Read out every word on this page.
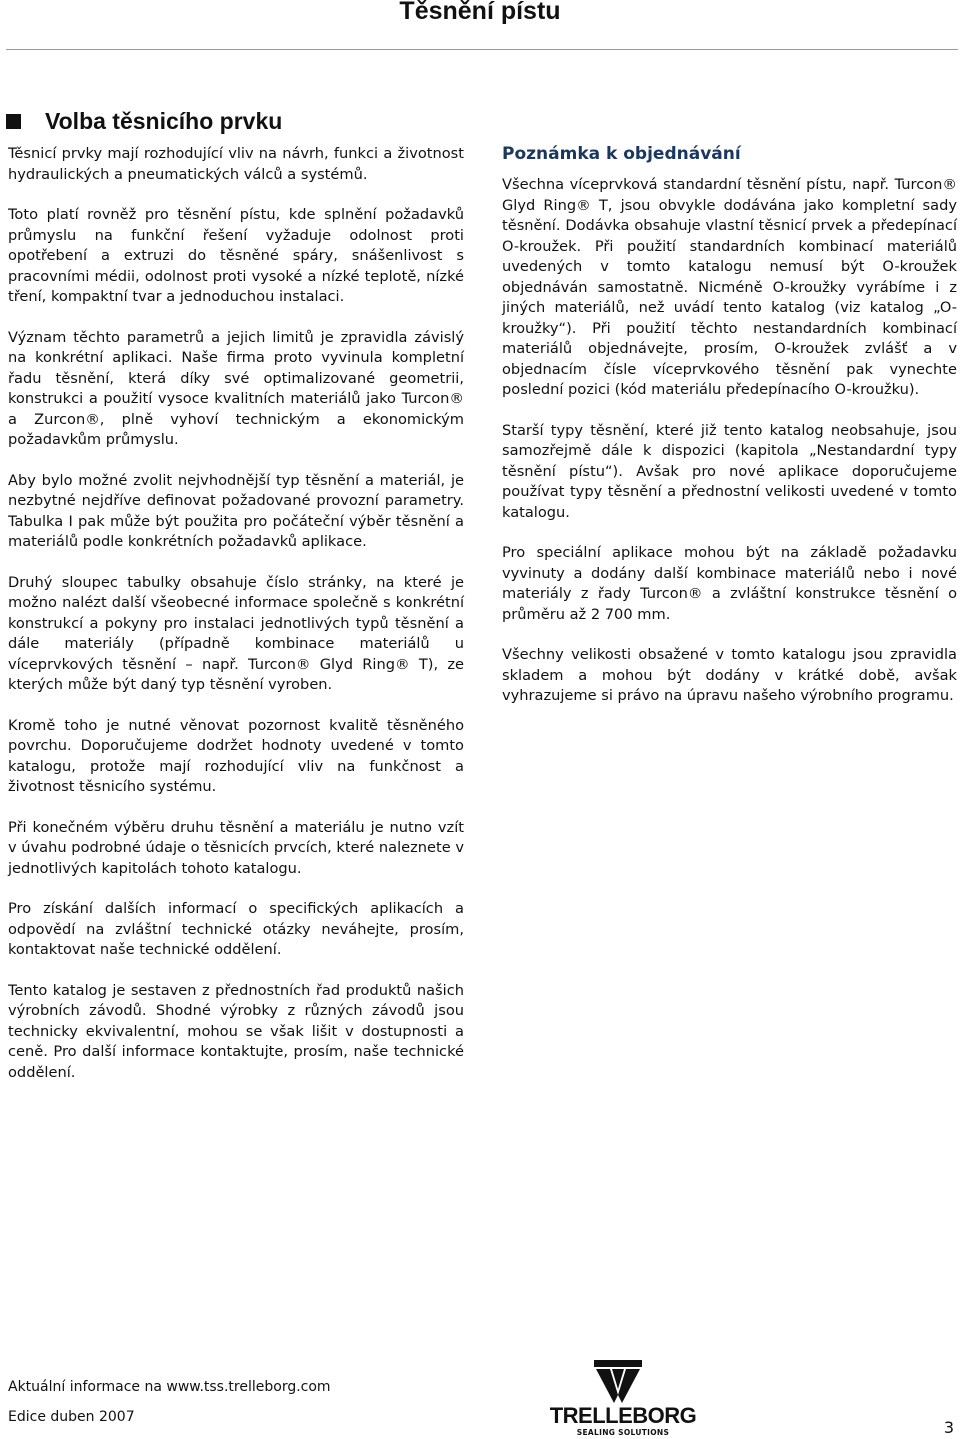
Těsnění pístu
Volba těsnicího prvku

Těsnicí prvky mají rozhodující vliv na návrh, funkci a životnost hydraulických a pneumatických válců a systémů.

Toto platí rovněž pro těsnění pístu, kde splnění požadavků průmyslu na funkční řešení vyžaduje odolnost proti opotřebení a extruzi do těsněné spáry, snášenlivost s pracovními médii, odolnost proti vysoké a nízké teplotě, nízké tření, kompaktní tvar a jednoduchou instalaci.

Význam těchto parametrů a jejich limitů je zpravidla závislý na konkrétní aplikaci. Naše firma proto vyvinula kompletní řadu těsnění, která díky své optimalizované geometrii, konstrukci a použití vysoce kvalitních materiálů jako Turcon® a Zurcon®, plně vyhoví technickým a ekonomickým požadavkům průmyslu.

Aby bylo možné zvolit nejvhodnější typ těsnění a materiál, je nezbytné nejdříve definovat požadované provozní parametry. Tabulka I pak může být použita pro počáteční výběr těsnění a materiálů podle konkrétních požadavků aplikace.

Druhý sloupec tabulky obsahuje číslo stránky, na které je možno nalézt další všeobecné informace společně s konkrétní konstrukcí a pokyny pro instalaci jednotlivých typů těsnění a dále materiály (případně kombinace materiálů u víceprvkových těsnění – např. Turcon® Glyd Ring® T), ze kterých může být daný typ těsnění vyroben.

Kromě toho je nutné věnovat pozornost kvalitě těsněného povrchu. Doporučujeme dodržet hodnoty uvedené v tomto katalogu, protože mají rozhodující vliv na funkčnost a životnost těsnicího systému.

Při konečném výběru druhu těsnění a materiálu je nutno vzít v úvahu podrobné údaje o těsnicích prvcích, které naleznete v jednotlivých kapitolách tohoto katalogu.

Pro získání dalších informací o specifických aplikacích a odpovědí na zvláštní technické otázky neváhejte, prosím, kontaktovat naše technické oddělení.

Tento katalog je sestaven z přednostních řad produktů našich výrobních závodů. Shodné výrobky z různých závodů jsou technicky ekvivalentní, mohou se však lišit v dostupnosti a ceně. Pro další informace kontaktujte, prosím, naše technické oddělení.

Poznámka k objednávání

Všechna víceprvková standardní těsnění pístu, např. Turcon® Glyd Ring® T, jsou obvykle dodávána jako kompletní sady těsnění. Dodávka obsahuje vlastní těsnicí prvek a předepínací O-kroužek. Při použití standardních kombinací materiálů uvedených v tomto katalogu nemusí být O-kroužek objednáván samostatně. Nicméně O-kroužky vyrábíme i z jiných materiálů, než uvádí tento katalog (viz katalog „O-kroužky“). Při použití těchto nestandardních kombinací materiálů objednávejte, prosím, O-kroužek zvlášť a v objednacím čísle víceprvkového těsnění pak vynechte poslední pozici (kód materiálu předepínacího O-kroužku).

Starší typy těsnění, které již tento katalog neobsahuje, jsou samozřejmě dále k dispozici (kapitola „Nestandardní typy těsnění pístu“). Avšak pro nové aplikace doporučujeme používat typy těsnění a přednostní velikosti uvedené v tomto katalogu.

Pro speciální aplikace mohou být na základě požadavku vyvinuty a dodány další kombinace materiálů nebo i nové materiály z řady Turcon® a zvláštní konstrukce těsnění o průměru až 2 700 mm.

Všechny velikosti obsažené v tomto katalogu jsou zpravidla skladem a mohou být dodány v krátké době, avšak vyhrazujeme si právo na úpravu našeho výrobního programu.

Aktuální informace na www.tss.trelleborg.com
Edice duben 2007	TRELLEBORG
SEALING SOLUTIONS	3
